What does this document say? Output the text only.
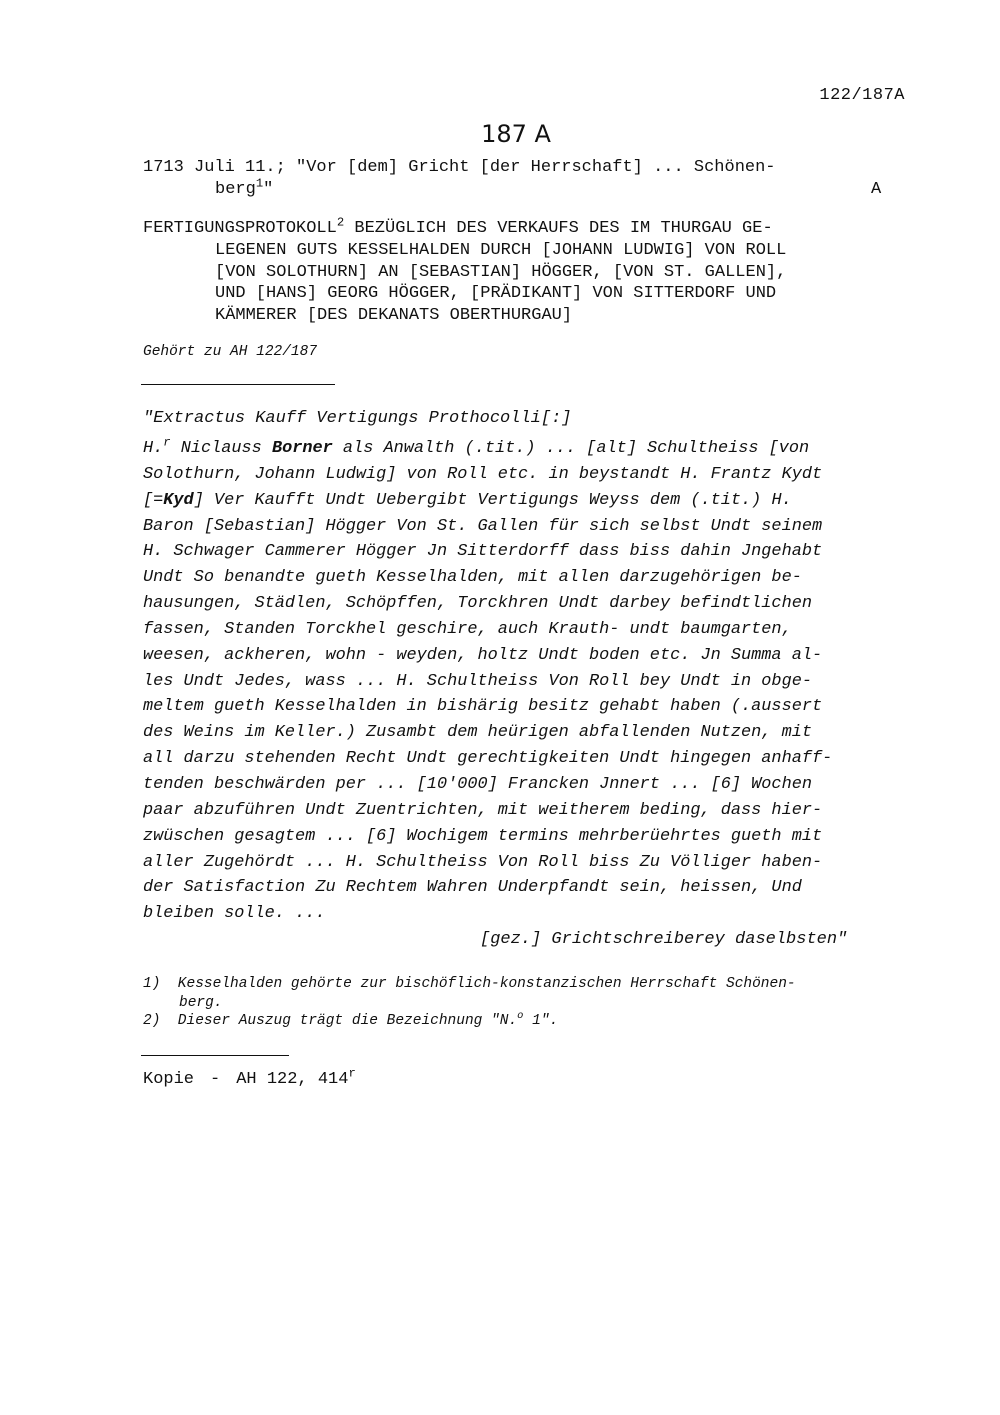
122/187A
187 A
1713 Juli 11.; "Vor [dem] Gricht [der Herrschaft] ... Schönen-
berg$^1$"	A
FERTIGUNGSPROTOKOLL$^2$ BEZÜGLICH DES VERKAUFS DES IM THURGAU GE-
LEGENEN GUTS KESSELHALDEN DURCH [JOHANN LUDWIG] VON ROLL
[VON SOLOTHURN] AN [SEBASTIAN] HÖGGER, [VON ST. GALLEN],
UND [HANS] GEORG HÖGGER, [PRÄDIKANT] VON SITTERDORF UND
KÄMMERER [DES DEKANATS OBERTHURGAU]
Gehört zu AH 122/187
"Extractus Kauff Vertigungs Prothocolli[:]
H.$^r$ Niclauss Borner als Anwalth (.tit.) ... [alt] Schultheiss [von
Solothurn, Johann Ludwig] von Roll etc. in beystandt H. Frantz Kydt
[=Kyd] Ver Kaufft Undt Uebergibt Vertigungs Weyss dem (.tit.) H.
Baron [Sebastian] Högger Von St. Gallen für sich selbst Undt seinem
H. Schwager Cammerer Högger Jn Sitterdorff dass biss dahin Jngehabt
Undt So benandte gueth Kesselhalden, mit allen darzugehörigen be-
hausungen, Städlen, Schöpffen, Torckhren Undt darbey befindtlichen
fassen, Standen Torckhel geschire, auch Krauth- undt baumgarten,
weesen, ackheren, wohn - weyden, holtz Undt boden etc. Jn Summa al-
les Undt Jedes, wass ... H. Schultheiss Von Roll bey Undt in obge-
meltem gueth Kesselhalden in bishärig besitz gehabt haben (.aussert
des Weins im Keller.) Zusambt dem heürigen abfallenden Nutzen, mit
all darzu stehenden Recht Undt gerechtigkeiten Undt hingegen anhaff-
tenden beschwärden per ... [10'000] Francken Jnnert ... [6] Wochen
paar abzuführen Undt Zuentrichten, mit weitherem beding, dass hier-
zwüschen gesagtem ... [6] Wochigem termins mehrberüehrtes gueth mit
aller Zugehördt ... H. Schultheiss Von Roll biss Zu Völliger haben-
der Satisfaction Zu Rechtem Wahren Underpfandt sein, heissen, Und
bleiben solle. ...
[gez.] Grichtschreiberey daselbsten"
1)  Kesselhalden gehörte zur bischöflich-konstanzischen Herrschaft Schönen-
berg.
2)  Dieser Auszug trägt die Bezeichnung "N.$^o$ 1".
Kopie - AH 122, 414$^r$
